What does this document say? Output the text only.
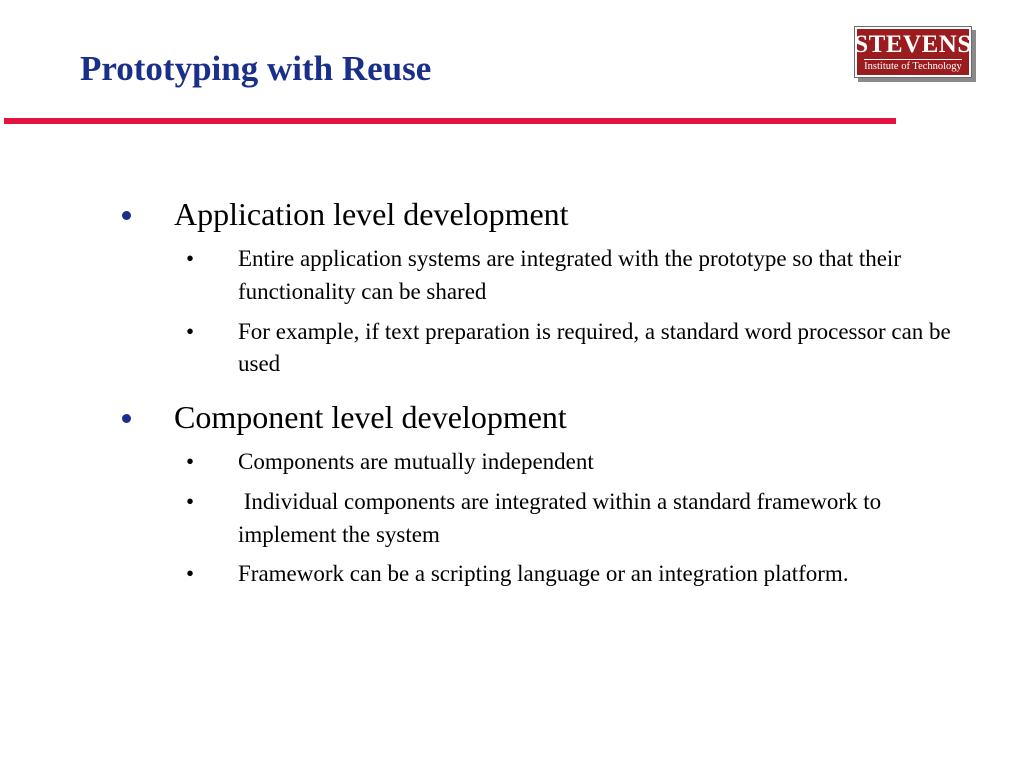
Prototyping with Reuse
STEVENS
Institute of Technology
Application level development
• Entire application systems are integrated with the prototype so that their functionality can be shared
• For example, if text preparation is required, a standard word processor can be used
Component level development
• Components are mutually independent
• Individual components are integrated within a standard framework to implement the system
• Framework can be a scripting language or an integration platform.
